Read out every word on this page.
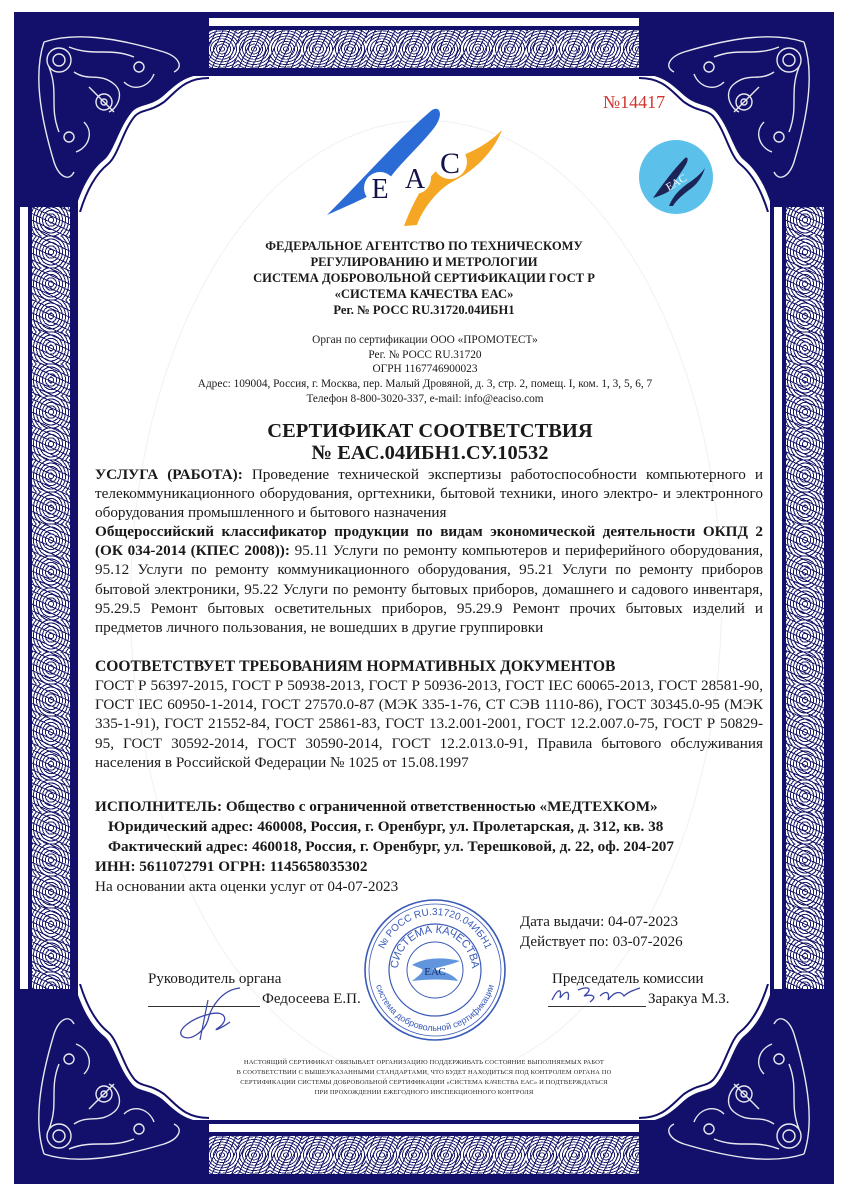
№14417
E A C
EAC
ФЕДЕРАЛЬНОЕ АГЕНТСТВО ПО ТЕХНИЧЕСКОМУ
РЕГУЛИРОВАНИЮ И МЕТРОЛОГИИ
СИСТЕМА ДОБРОВОЛЬНОЙ СЕРТИФИКАЦИИ ГОСТ Р
«СИСТЕМА КАЧЕСТВА ЕАС»
Рег. № РОСС RU.31720.04ИБН1
Орган по сертификации ООО «ПРОМОТЕСТ»
Рег. № РОСС RU.31720
ОГРН 1167746900023
Адрес: 109004, Россия, г. Москва, пер. Малый Дровяной, д. 3, стр. 2, помещ. I, ком. 1, 3, 5, 6, 7
Телефон 8-800-3020-337, e-mail: info@eaciso.com
СЕРТИФИКАТ СООТВЕТСТВИЯ
№ ЕАС.04ИБН1.СУ.10532
УСЛУГА (РАБОТА): Проведение технической экспертизы работоспособности компьютерного и телекоммуникационного оборудования, оргтехники, бытовой техники, иного электро- и электронного оборудования промышленного и бытового назначения
Общероссийский классификатор продукции по видам экономической деятельности ОКПД 2 (ОК 034-2014 (КПЕС 2008)): 95.11 Услуги по ремонту компьютеров и периферийного оборудования, 95.12 Услуги по ремонту коммуникационного оборудования, 95.21 Услуги по ремонту приборов бытовой электроники, 95.22 Услуги по ремонту бытовых приборов, домашнего и садового инвентаря, 95.29.5 Ремонт бытовых осветительных приборов, 95.29.9 Ремонт прочих бытовых изделий и предметов личного пользования, не вошедших в другие группировки
СООТВЕТСТВУЕТ ТРЕБОВАНИЯМ НОРМАТИВНЫХ ДОКУМЕНТОВ
ГОСТ Р 56397-2015, ГОСТ Р 50938-2013, ГОСТ Р 50936-2013, ГОСТ IEC 60065-2013, ГОСТ 28581-90, ГОСТ IEC 60950-1-2014, ГОСТ 27570.0-87 (МЭК 335-1-76, СТ СЭВ 1110-86), ГОСТ 30345.0-95 (МЭК 335-1-91), ГОСТ 21552-84, ГОСТ 25861-83, ГОСТ 13.2.001-2001, ГОСТ 12.2.007.0-75, ГОСТ Р 50829-95, ГОСТ 30592-2014, ГОСТ 30590-2014, ГОСТ 12.2.013.0-91, Правила бытового обслуживания населения в Российской Федерации № 1025 от 15.08.1997
ИСПОЛНИТЕЛЬ: Общество с ограниченной ответственностью «МЕДТЕХКОМ»
Юридический адрес: 460008, Россия, г. Оренбург, ул. Пролетарская, д. 312, кв. 38
Фактический адрес: 460018, Россия, г. Оренбург, ул. Терешковой, д. 22, оф. 204-207
ИНН: 5611072791 ОГРН: 1145658035302
На основании акта оценки услуг от 04-07-2023
Дата выдачи: 04-07-2023
Действует по: 03-07-2026
Руководитель органа
Федосеева Е.П.
Председатель комиссии
Заракуа М.З.
№ РОСС RU.31720.04ИБН1
СИСТЕМА КАЧЕСТВА
система добровольной сертификации
ЕАС
НАСТОЯЩИЙ СЕРТИФИКАТ ОБЯЗЫВАЕТ ОРГАНИЗАЦИЮ ПОДДЕРЖИВАТЬ СОСТОЯНИЕ ВЫПОЛНЯЕМЫХ РАБОТ
В СООТВЕТСТВИИ С ВЫШЕУКАЗАННЫМИ СТАНДАРТАМИ, ЧТО БУДЕТ НАХОДИТЬСЯ ПОД КОНТРОЛЕМ ОРГАНА ПО
СЕРТИФИКАЦИИ СИСТЕМЫ ДОБРОВОЛЬНОЙ СЕРТИФИКАЦИИ «СИСТЕМА КАЧЕСТВА ЕАС» И ПОДТВЕРЖДАТЬСЯ
ПРИ ПРОХОЖДЕНИИ ЕЖЕГОДНОГО ИНСПЕКЦИОННОГО КОНТРОЛЯ
